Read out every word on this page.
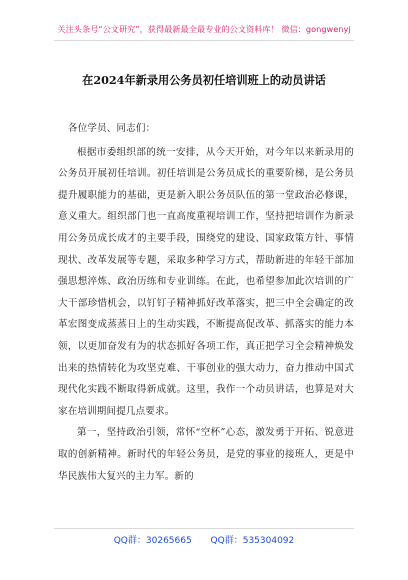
关注头条号“公文研究”，获得最新最全最专业的公文资料库！ 微信：gongwenyj
在2024年新录用公务员初任培训班上的动员讲话

各位学员、同志们：

根据市委组织部的统一安排，从今天开始，对今年以来新录用的公务员开展初任培训。初任培训是公务员成长的重要阶梯，是公务员提升履职能力的基础，更是新入职公务员队伍的第一堂政治必修课，意义重大。组织部门也一直高度重视培训工作，坚持把培训作为新录用公务员成长成才的主要手段，围绕党的建设、国家政策方针、事情现状、改革发展等专题，采取多种学习方式，帮助新进的年轻干部加强思想淬炼、政治历练和专业训练。在此，也希望参加此次培训的广大干部珍惜机会，以钉钉子精神抓好改革落实，把三中全会确定的改革宏图变成蒸蒸日上的生动实践，不断提高促改革、抓落实的能力本领，以更加奋发有为的状态抓好各项工作，真正把学习全会精神焕发出来的热情转化为攻坚克难、干事创业的强大动力，奋力推动中国式现代化实践不断取得新成就。这里，我作一个动员讲话，也算是对大家在培训期间提几点要求。

第一，坚持政治引领，常怀“空杯”心态，激发勇于开拓、锐意进取的创新精神。新时代的年轻公务员，是党的事业的接班人，更是中华民族伟大复兴的主力军。新的

QQ群：30265665 QQ群：535304092
